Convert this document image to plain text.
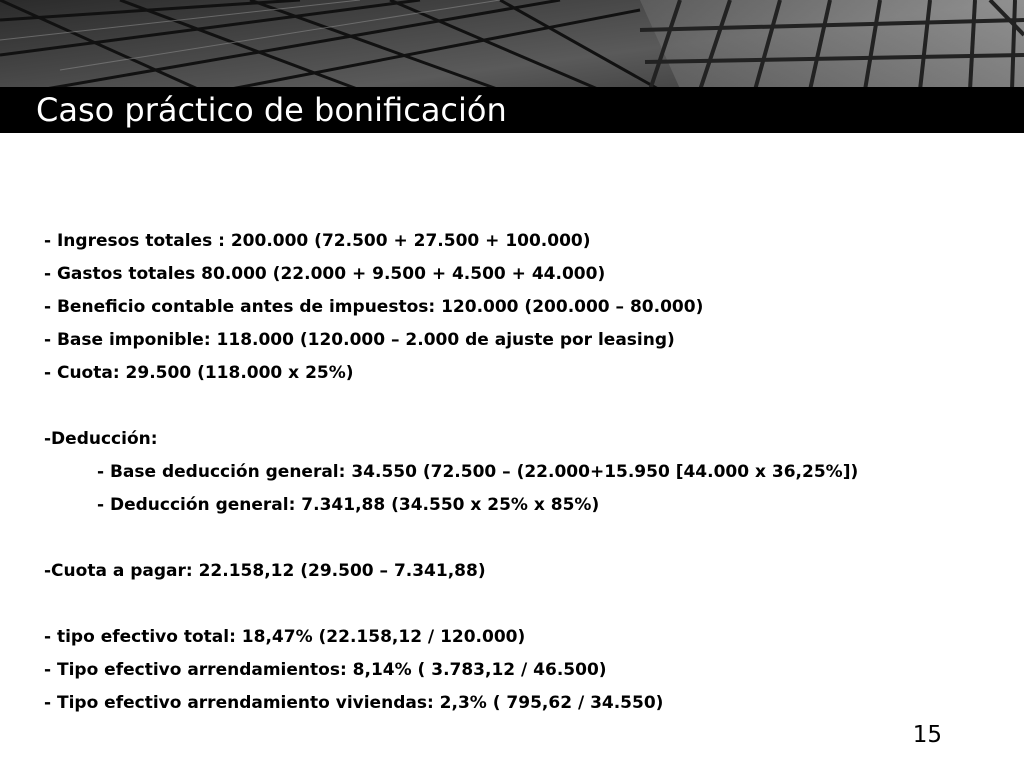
Caso práctico de bonificación
- Ingresos totales : 200.000 (72.500 + 27.500 + 100.000)
- Gastos totales 80.000 (22.000 + 9.500 + 4.500 + 44.000)
- Beneficio contable antes de impuestos: 120.000 (200.000 – 80.000)
- Base imponible: 118.000 (120.000 – 2.000 de ajuste por leasing)
- Cuota: 29.500 (118.000 x 25%)
-Deducción:
- Base deducción general: 34.550 (72.500 – (22.000+15.950 [44.000 x 36,25%])
- Deducción general: 7.341,88 (34.550 x 25% x 85%)
-Cuota a pagar: 22.158,12 (29.500 – 7.341,88)
- tipo efectivo total: 18,47% (22.158,12 / 120.000)
- Tipo efectivo arrendamientos: 8,14% ( 3.783,12 / 46.500)
- Tipo efectivo arrendamiento viviendas: 2,3% ( 795,62 / 34.550)
15
